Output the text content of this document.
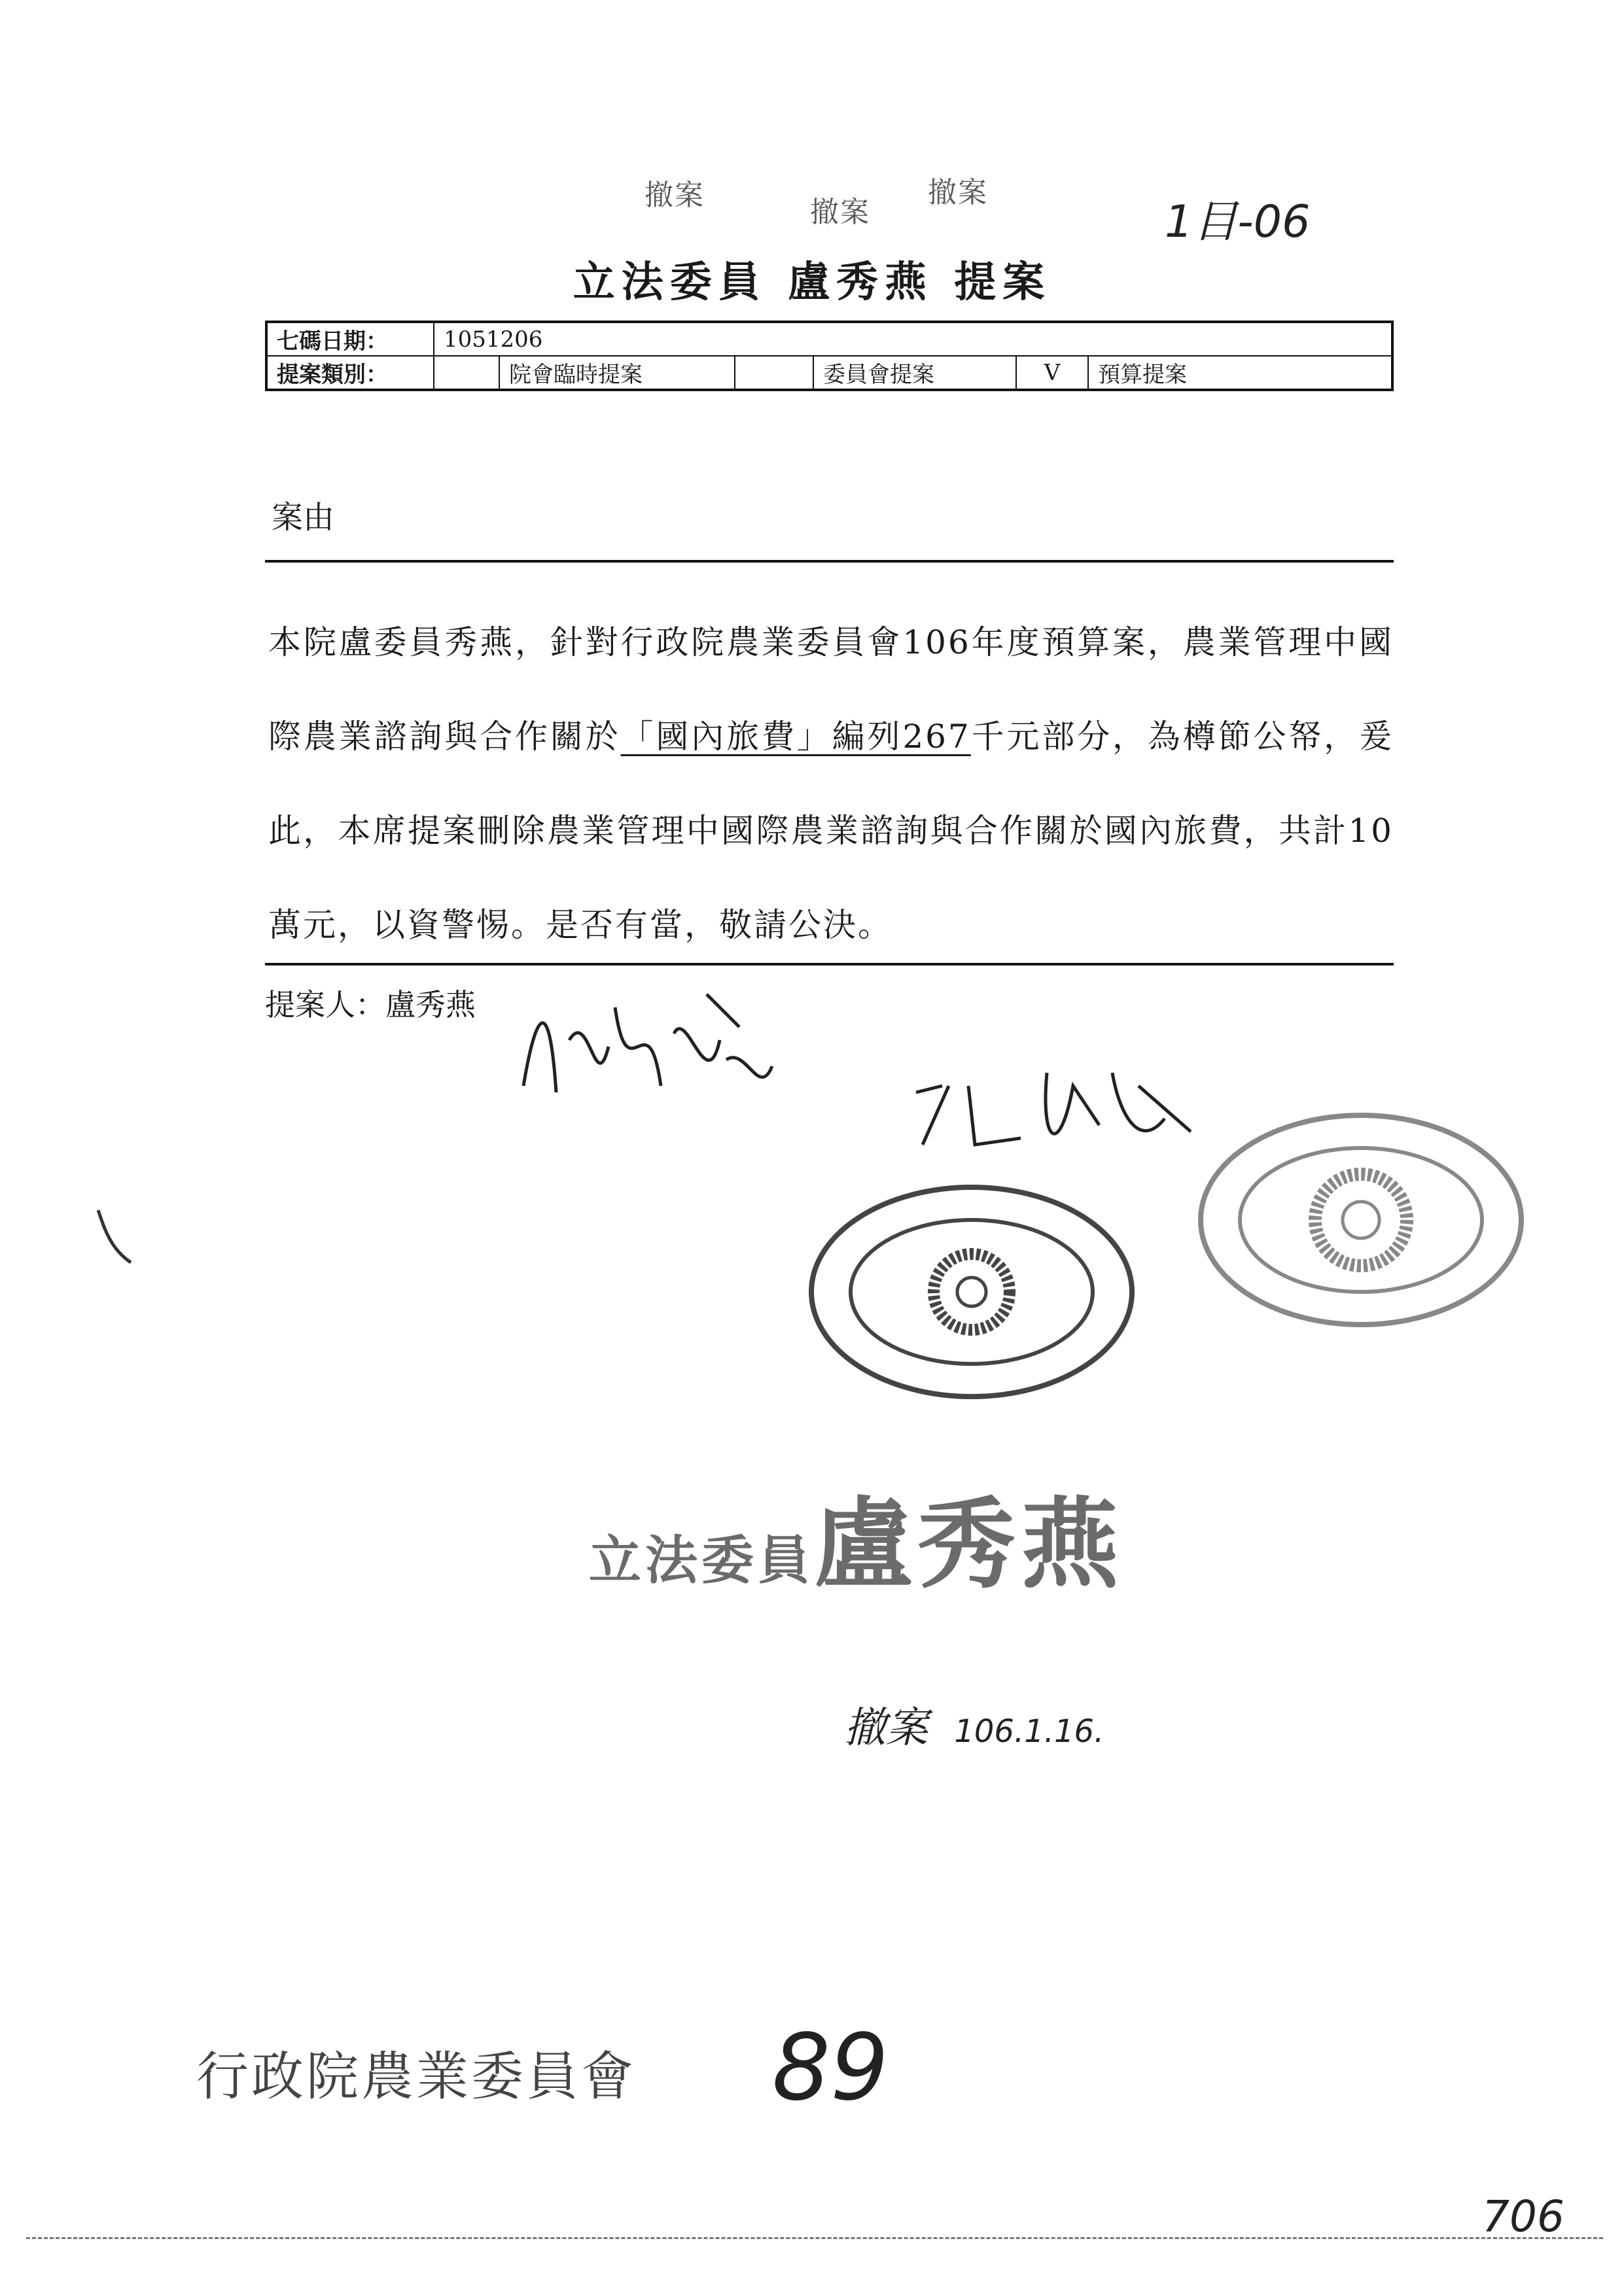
撤案
撤案
撤案
1目-06
立法委員 盧秀燕 提案
七碼日期：	1051206					
提案類別：		院會臨時提案		委員會提案	V	預算提案
案由
本院盧委員秀燕，針對行政院農業委員會106年度預算案，農業管理中國際農業諮詢與合作關於「國內旅費」編列267千元部分，為樽節公帑，爰此，本席提案刪除農業管理中國際農業諮詢與合作關於國內旅費，共計10萬元，以資警惕。是否有當，敬請公決。
提案人：盧秀燕
立法委員盧秀燕
撤案 106.1.16.
行政院農業委員會 89
706
